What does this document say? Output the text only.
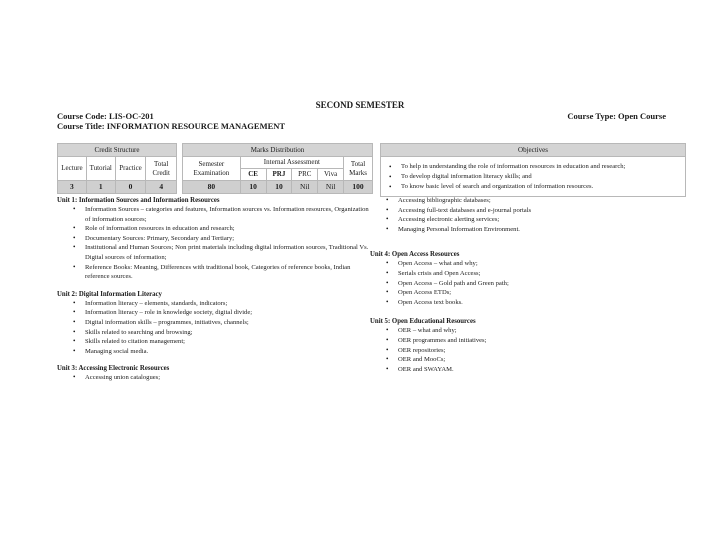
SECOND SEMESTER
Course Code: LIS-OC-201	Course Type: Open Course
Course Title: INFORMATION RESOURCE MANAGEMENT
Credit Structure			
Lecture	Tutorial	Practice	Total Credit
3	1	0	4
Marks Distribution					
Semester Examination	Internal Assessment				Total Marks
	CE	PRJ	PRC	Viva	
80	10	10	Nil	Nil	100
Objectives

• To help in understanding the role of information resources in education and research;
• To develop digital information literacy skills; and
• To know basic level of search and organization of information resources.
Unit 1: Information Sources and Information Resources
• Information Sources – categories and features, Information sources vs. Information resources, Organization of information sources;
• Role of information resources in education and research;
• Documentary Sources: Primary, Secondary and Tertiary;
• Institutional and Human Sources; Non print materials including digital information sources, Traditional Vs. Digital sources of information;
• Reference Books: Meaning, Differences with traditional book, Categories of reference books, Indian reference sources.
Unit 2: Digital Information Literacy
• Information literacy – elements, standards, indicators;
• Information literacy – role in knowledge society, digital divide;
• Digital information skills – programmes, initiatives, channels;
• Skills related to searching and browsing;
• Skills related to citation management;
• Managing social media.
Unit 3: Accessing Electronic Resources
• Accessing union catalogues;
• Accessing bibliographic databases;
• Accessing full-text databases and e-journal portals
• Accessing electronic alerting services;
• Managing Personal Information Environment.
Unit 4: Open Access Resources
• Open Access – what and why;
• Serials crisis and Open Access;
• Open Access – Gold path and Green path;
• Open Access ETDs;
• Open Access text books.
Unit 5: Open Educational Resources
• OER – what and why;
• OER programmes and initiatives;
• OER repositories;
• OER and MooCs;
• OER and SWAYAM.
